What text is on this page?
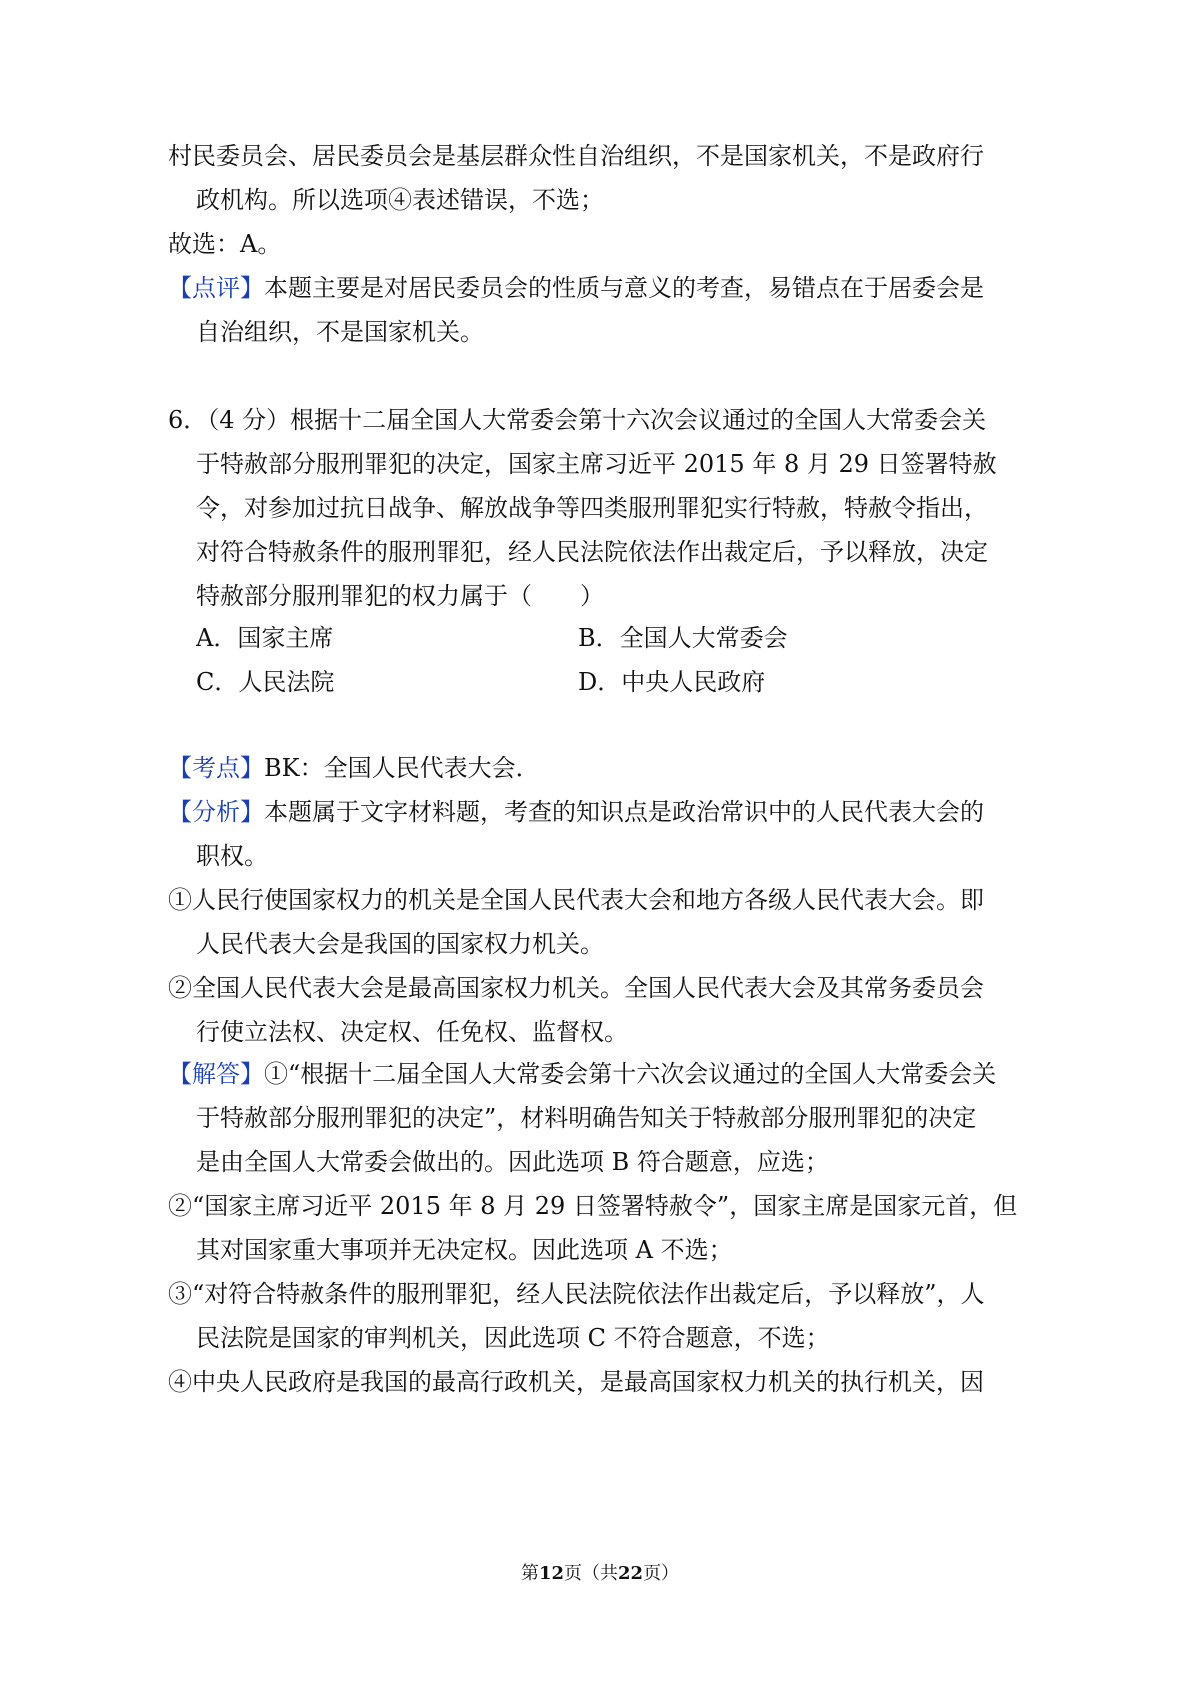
村民委员会、居民委员会是基层群众性自治组织，不是国家机关，不是政府行
政机构。所以选项④表述错误，不选；
故选：A。
【点评】本题主要是对居民委员会的性质与意义的考查，易错点在于居委会是
自治组织，不是国家机关。
6．（4 分）根据十二届全国人大常委会第十六次会议通过的全国人大常委会关
于特赦部分服刑罪犯的决定，国家主席习近平 2015 年 8 月 29 日签署特赦
令，对参加过抗日战争、解放战争等四类服刑罪犯实行特赦，特赦令指出，
对符合特赦条件的服刑罪犯，经人民法院依法作出裁定后，予以释放，决定
特赦部分服刑罪犯的权力属于（　　）
A．国家主席	B．全国人大常委会
C．人民法院	D．中央人民政府
【考点】BK：全国人民代表大会．
【分析】本题属于文字材料题，考查的知识点是政治常识中的人民代表大会的
职权。
①人民行使国家权力的机关是全国人民代表大会和地方各级人民代表大会。即
人民代表大会是我国的国家权力机关。
②全国人民代表大会是最高国家权力机关。全国人民代表大会及其常务委员会
行使立法权、决定权、任免权、监督权。
【解答】①“根据十二届全国人大常委会第十六次会议通过的全国人大常委会关
于特赦部分服刑罪犯的决定”，材料明确告知关于特赦部分服刑罪犯的决定
是由全国人大常委会做出的。因此选项 B 符合题意，应选；
②“国家主席习近平 2015 年 8 月 29 日签署特赦令”，国家主席是国家元首，但
其对国家重大事项并无决定权。因此选项 A 不选；
③“对符合特赦条件的服刑罪犯，经人民法院依法作出裁定后，予以释放”，人
民法院是国家的审判机关，因此选项 C 不符合题意，不选；
④中央人民政府是我国的最高行政机关，是最高国家权力机关的执行机关，因
第12页（共22页）
